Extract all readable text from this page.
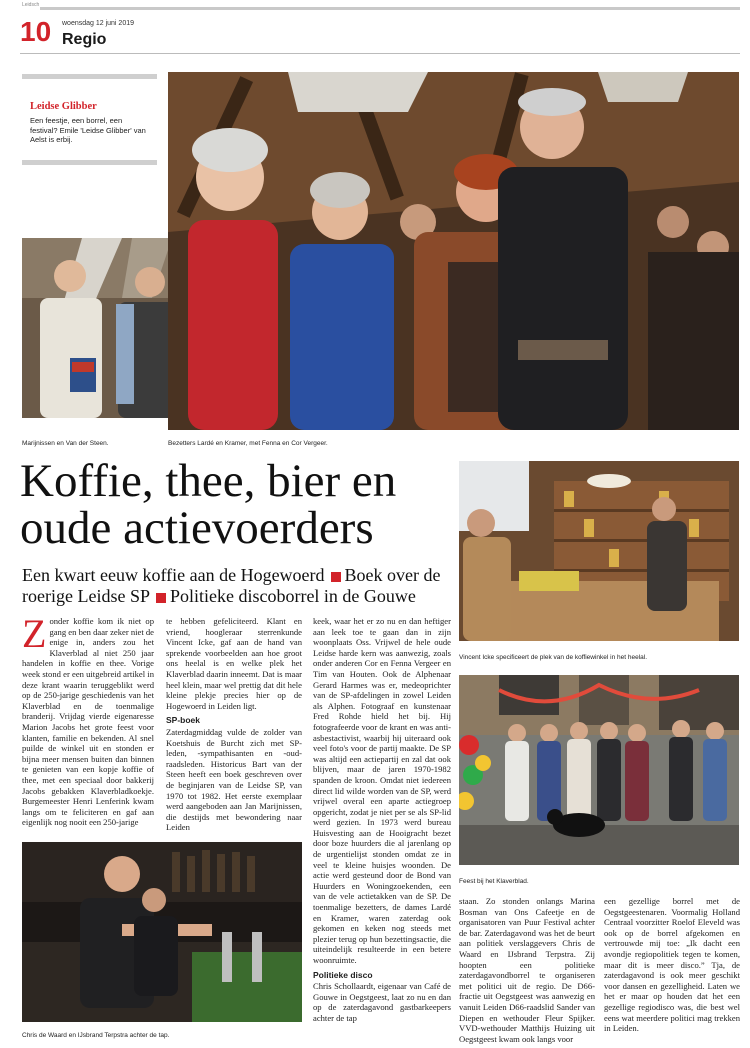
Leidsch
10 Regio
woensdag 12 juni 2019
Leidse Glibber
Een feestje, een borrel, een festival? Emile 'Leidse Glibber' van Aelst is erbij.
Marijnissen en Van der Steen.	Bezetters Lardé en Kramer, met Fenna en Cor Vergeer.
Koffie, thee, bier en
oude actievoerders
Een kwart eeuw koffie aan de Hogewoerd Boek over de roerige Leidse SP Politieke discoborrel in de Gouwe
Z onder koffie kom ik niet op gang en ben daar zeker niet de enige in, anders zou het Klaverblad al niet 250 jaar handelen in koffie en thee. Vorige week stond er een uitgebreid artikel in deze krant waarin teruggeblikt werd op de 250-jarige geschiedenis van het Klaverblad en de toenmalige branderij. Vrijdag vierde eigenaresse Marion Jacobs het grote feest voor klanten, familie en bekenden. Al snel puilde de winkel uit en stonden er bijna meer mensen buiten dan binnen te genieten van een kopje koffie of thee, met een speciaal door bakkerij Jacobs gebakken Klaverbladkoekje. Burgemeester Henri Lenferink kwam langs om te feliciteren en gaf aan eigenlijk nog nooit een 250-jarige

te hebben gefeliciteerd. Klant en vriend, hoogleraar sterrenkunde Vincent Icke, gaf aan de hand van sprekende voorbeelden aan hoe groot ons heelal is en welke plek het Klaverblad daarin inneemt. Dat is maar heel klein, maar wel prettig dat dit hele kleine plekje precies hier op de Hogewoerd in Leiden ligt.

SP-boek

Zaterdagmiddag vulde de zolder van Koetshuis de Burcht zich met SP-leden, -sympathisanten en -oud-raadsleden. Historicus Bart van der Steen heeft een boek geschreven over de beginjaren van de Leidse SP, van 1970 tot 1982. Het eerste exemplaar werd aangeboden aan Jan Marijnissen, die destijds met bewondering naar Leiden

keek, waar het er zo nu en dan heftiger aan leek toe te gaan dan in zijn woonplaats Oss. Vrijwel de hele oude Leidse harde kern was aanwezig, zoals onder anderen Cor en Fenna Vergeer en Tim van Houten. Ook de Alphenaar Gerard Harmes was er, medeoprichter van de SP-afdelingen in zowel Leiden als Alphen. Fotograaf en kunstenaar Fred Rohde hield het bij. Hij fotografeerde voor de krant en was anti-asbestactivist, waarbij hij uiteraard ook veel foto's voor de partij maakte. De SP was altijd een actiepartij en zal dat ook blijven, maar de jaren 1970-1982 spanden de kroon. Omdat niet iedereen direct lid wilde worden van de SP, werd vrijwel overal een aparte actiegroep opgericht, zodat je niet per se als SP-lid werd gezien. In 1973 werd bureau Huisvesting aan de Hooigracht bezet door boze huurders die al jarenlang op de urgentielijst stonden omdat ze in veel te kleine huisjes woonden. De actie werd gesteund door de Bond van Huurders en Woningzoekenden, een van de vele actietakken van de SP. De toenmalige bezetters, de dames Lardé en Kramer, waren zaterdag ook gekomen en keken nog steeds met plezier terug op hun bezettingsactie, die uiteindelijk resulteerde in een betere woonruimte.

Politieke disco

Chris Schollaardt, eigenaar van Café de Gouwe in Oegstgeest, laat zo nu en dan op de zaterdagavond gastbarkeepers achter de tap

Chris de Waard en IJsbrand Terpstra achter de tap.
Vincent Icke specificeert de plek van de koffiewinkel in het heelal.
Feest bij het Klaverblad.

staan. Zo stonden onlangs Marina Bosman van Ons Cafeetje en de organisatoren van Puur Festival achter de bar. Zaterdagavond was het de beurt aan politiek verslaggevers Chris de Waard en IJsbrand Terpstra. Zij hoopten een politieke zaterdagavondborrel te organiseren met politici uit de regio. De D66-fractie uit Oegstgeest was aanwezig en vanuit Leiden D66-raadslid Sander van Diepen en wethouder Fleur Spijker. VVD-wethouder Matthijs Huizing uit Oegstgeest kwam ook langs voor

een gezellige borrel met de Oegstgeestenaren. Voormalig Holland Centraal voorzitter Roelof Eleveld was ook op de borrel afgekomen en vertrouwde mij toe: „Ik dacht een avondje regiopolitiek tegen te komen, maar dit is meer disco.” Tja, de zaterdagavond is ook meer geschikt voor dansen en gezelligheid. Laten we het er maar op houden dat het een gezellige regiodisco was, die best wel eens wat meerdere politici mag trekken in Leiden.
